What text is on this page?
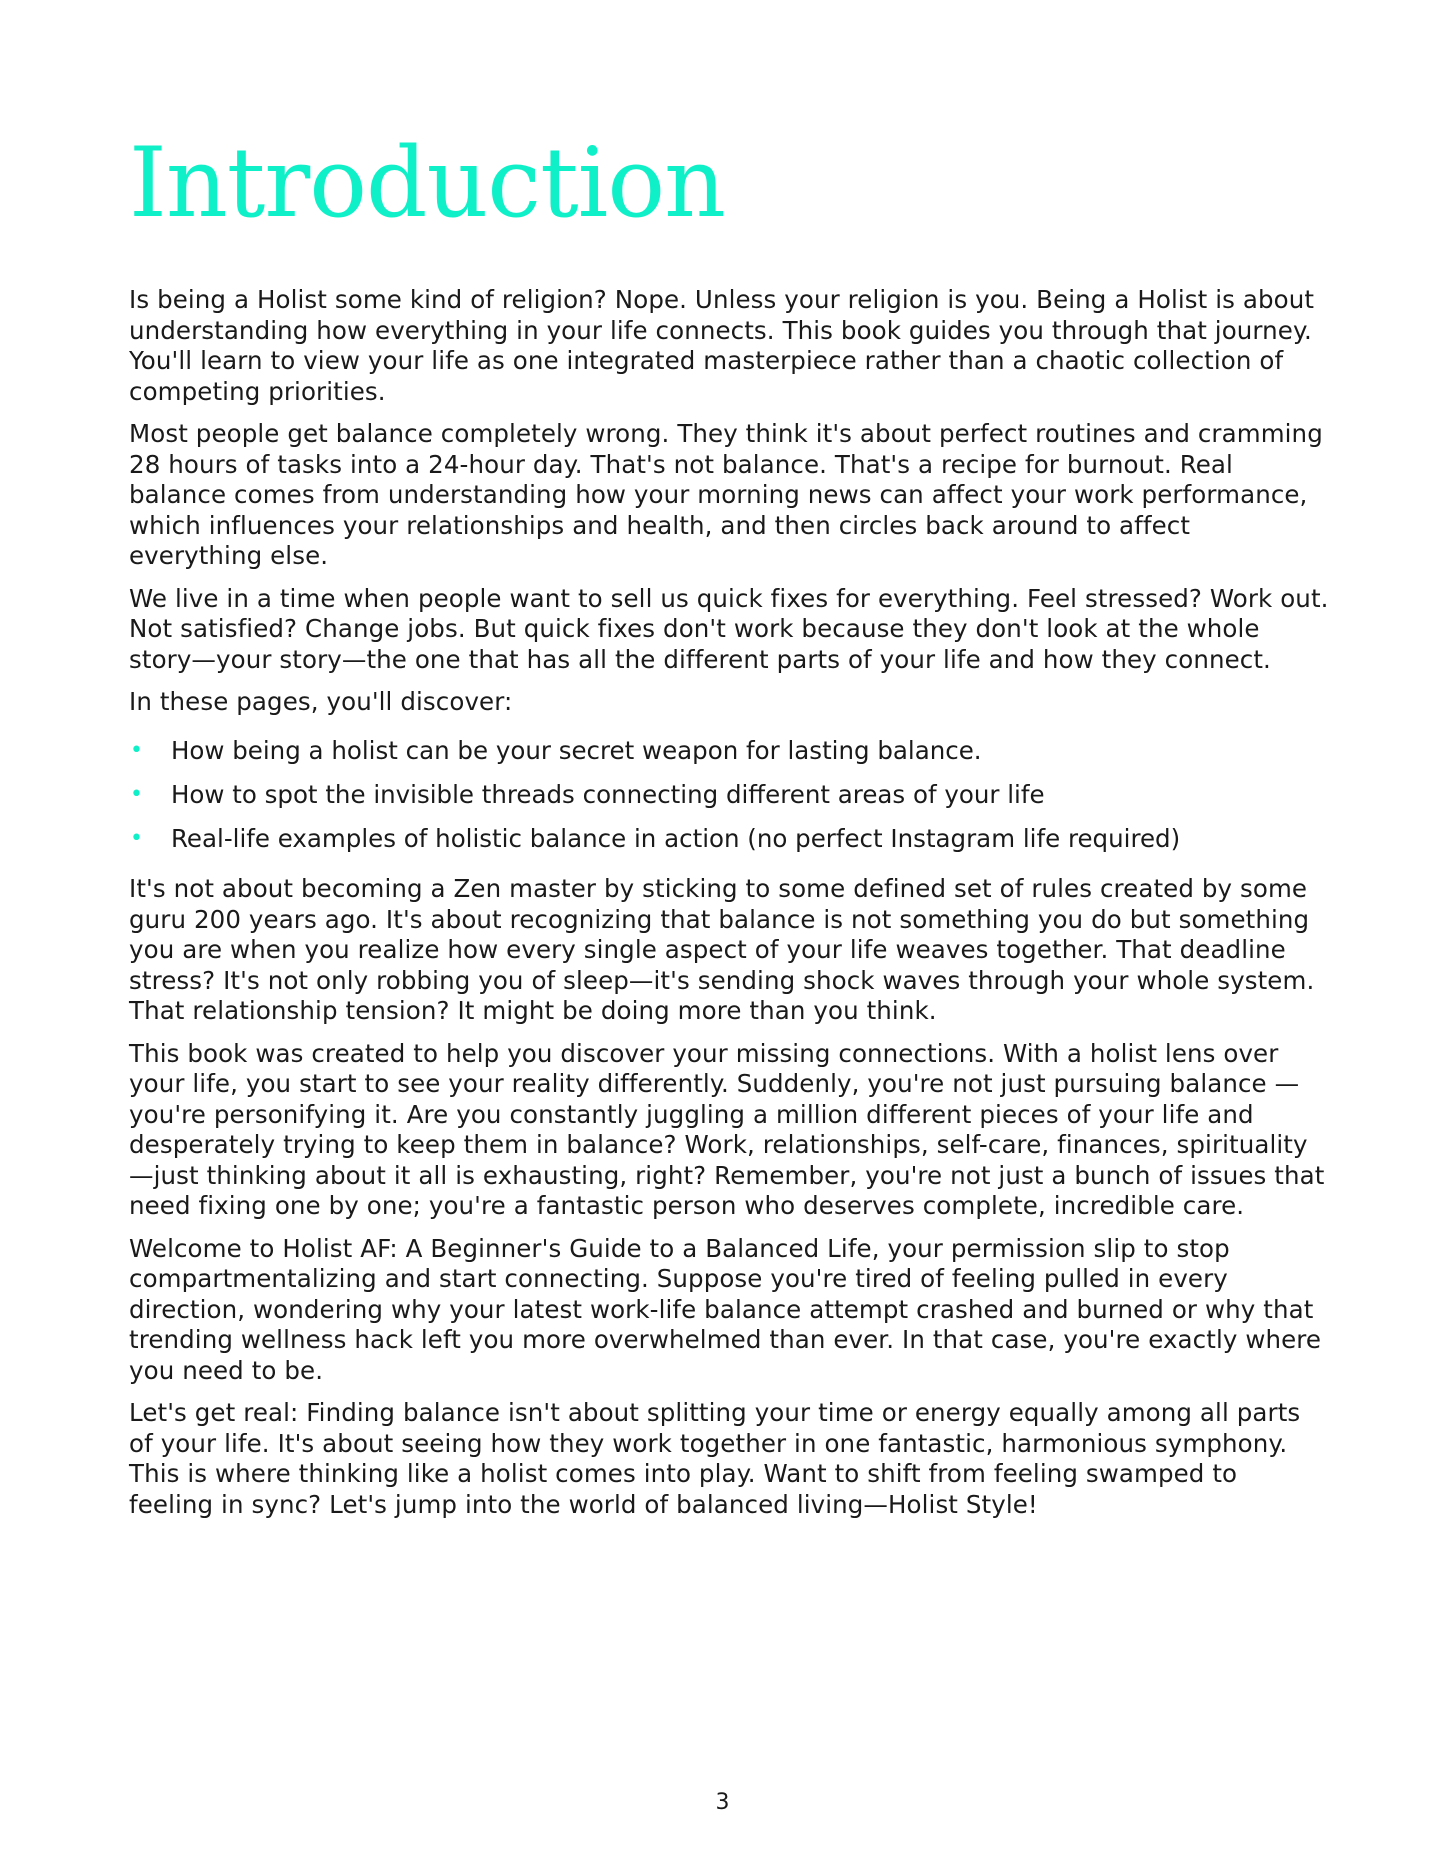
Introduction

Is being a Holist some kind of religion? Nope. Unless your religion is you. Being a Holist is about understanding how everything in your life connects. This book guides you through that journey. You'll learn to view your life as one integrated masterpiece rather than a chaotic collection of competing priorities.

Most people get balance completely wrong. They think it's about perfect routines and cramming 28 hours of tasks into a 24-hour day. That's not balance. That's a recipe for burnout. Real balance comes from understanding how your morning news can affect your work performance, which influences your relationships and health, and then circles back around to affect everything else.

We live in a time when people want to sell us quick fixes for everything. Feel stressed? Work out. Not satisfied? Change jobs. But quick fixes don't work because they don't look at the whole story—your story—the one that has all the different parts of your life and how they connect.

In these pages, you'll discover:

• How being a holist can be your secret weapon for lasting balance.
• How to spot the invisible threads connecting different areas of your life
• Real-life examples of holistic balance in action (no perfect Instagram life required)

It's not about becoming a Zen master by sticking to some defined set of rules created by some guru 200 years ago. It's about recognizing that balance is not something you do but something you are when you realize how every single aspect of your life weaves together. That deadline stress? It's not only robbing you of sleep—it's sending shock waves through your whole system. That relationship tension? It might be doing more than you think.

This book was created to help you discover your missing connections. With a holist lens over your life, you start to see your reality differently. Suddenly, you're not just pursuing balance — you're personifying it. Are you constantly juggling a million different pieces of your life and desperately trying to keep them in balance? Work, relationships, self-care, finances, spirituality—just thinking about it all is exhausting, right? Remember, you're not just a bunch of issues that need fixing one by one; you're a fantastic person who deserves complete, incredible care.

Welcome to Holist AF: A Beginner's Guide to a Balanced Life, your permission slip to stop compartmentalizing and start connecting. Suppose you're tired of feeling pulled in every direction, wondering why your latest work-life balance attempt crashed and burned or why that trending wellness hack left you more overwhelmed than ever. In that case, you're exactly where you need to be.

Let's get real: Finding balance isn't about splitting your time or energy equally among all parts of your life. It's about seeing how they work together in one fantastic, harmonious symphony. This is where thinking like a holist comes into play. Want to shift from feeling swamped to feeling in sync? Let's jump into the world of balanced living—Holist Style!

3
